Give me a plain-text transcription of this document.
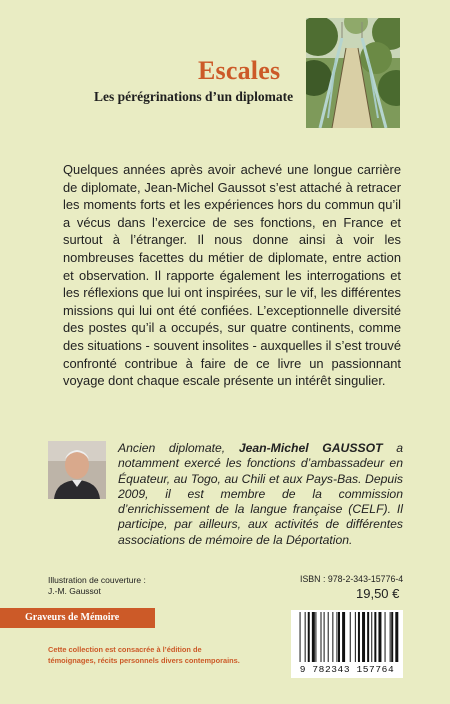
Escales
Les pérégrinations d’un diplomate

Quelques années après avoir achevé une longue carrière de diplomate, Jean-Michel Gaussot s’est attaché à retracer les moments forts et les expériences hors du commun qu’il a vécus dans l’exercice de ses fonctions, en France et surtout à l’étranger. Il nous donne ainsi à voir les nombreuses facettes du métier de diplomate, entre action et observation. Il rapporte également les interrogations et les réflexions que lui ont inspirées, sur le vif, les différentes missions qui lui ont été confiées. L’exceptionnelle diversité des postes qu’il a occupés, sur quatre continents, comme des situations - souvent insolites - auxquelles il s’est trouvé confronté contribue à faire de ce livre un passionnant voyage dont chaque escale présente un intérêt singulier.

Ancien diplomate, Jean-Michel GAUSSOT a notamment exercé les fonctions d’ambassadeur en Équateur, au Togo, au Chili et aux Pays-Bas. Depuis 2009, il est membre de la commission d’enrichissement de la langue française (CELF). Il participe, par ailleurs, aux activités de différentes associations de mémoire de la Déportation.
Illustration de couverture :
J.-M. Gaussot
ISBN : 978-2-343-15776-4
19,50 €
Graveurs de Mémoire

Cette collection est consacrée à l’édition de témoignages, récits personnels divers contemporains.

9 782343 157764
